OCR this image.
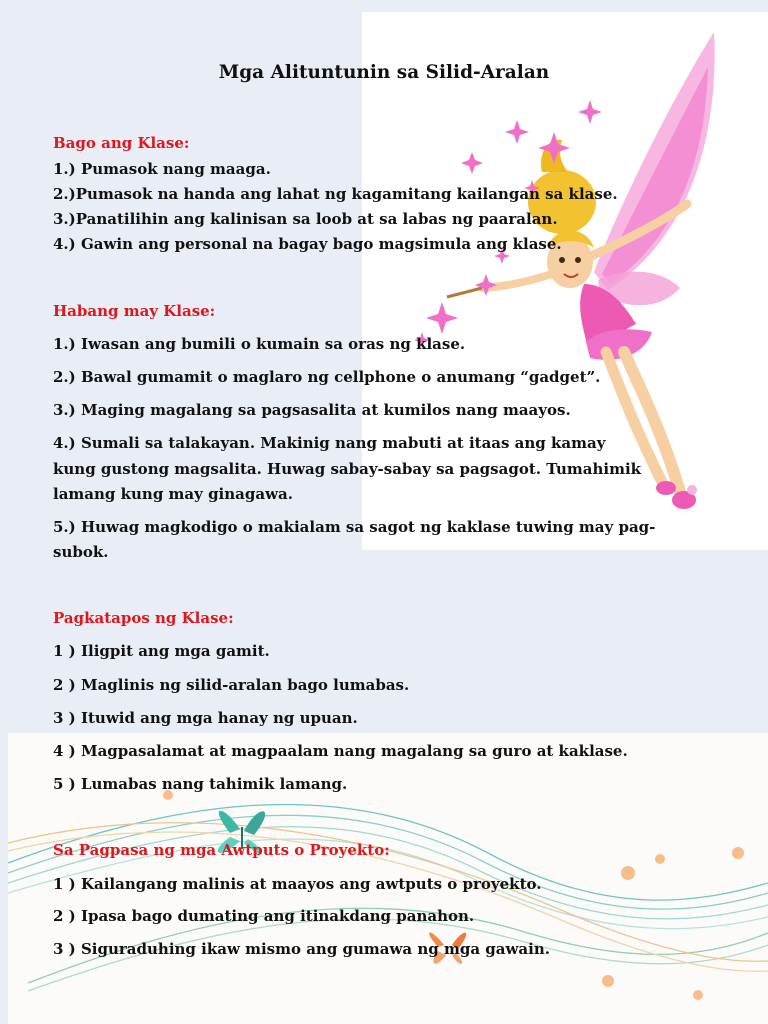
Mga Alituntunin sa Silid-Aralan
Bago ang Klase:
1.) Pumasok nang maaga.
2.)Pumasok na handa ang lahat ng kagamitang kailangan sa klase.
3.)Panatilihin ang kalinisan sa loob at sa labas ng paaralan.
4.) Gawin ang personal na bagay bago magsimula ang klase.
Habang may Klase:
1.) Iwasan ang bumili o kumain sa oras ng klase.
2.) Bawal gumamit o maglaro ng cellphone o anumang “gadget”.
3.) Maging magalang sa pagsasalita at kumilos nang maayos.
4.) Sumali sa talakayan. Makinig nang mabuti at itaas ang kamay
kung gustong magsalita. Huwag sabay-sabay sa pagsagot. Tumahimik
lamang kung may ginagawa.
5.) Huwag magkodigo o makialam sa sagot ng kaklase tuwing may pag-
subok.
Pagkatapos ng Klase:
1 ) Iligpit ang mga gamit.
2 ) Maglinis ng silid-aralan bago lumabas.
3 ) Ituwid ang mga hanay ng upuan.
4 ) Magpasalamat at magpaalam nang magalang sa guro at kaklase.
5 ) Lumabas nang tahimik lamang.
Sa Pagpasa ng mga Awtputs o Proyekto:
1 ) Kailangang malinis at maayos ang awtputs o proyekto.
2 ) Ipasa bago dumating ang itinakdang panahon.
3 ) Siguraduhing ikaw mismo ang gumawa ng mga gawain.
